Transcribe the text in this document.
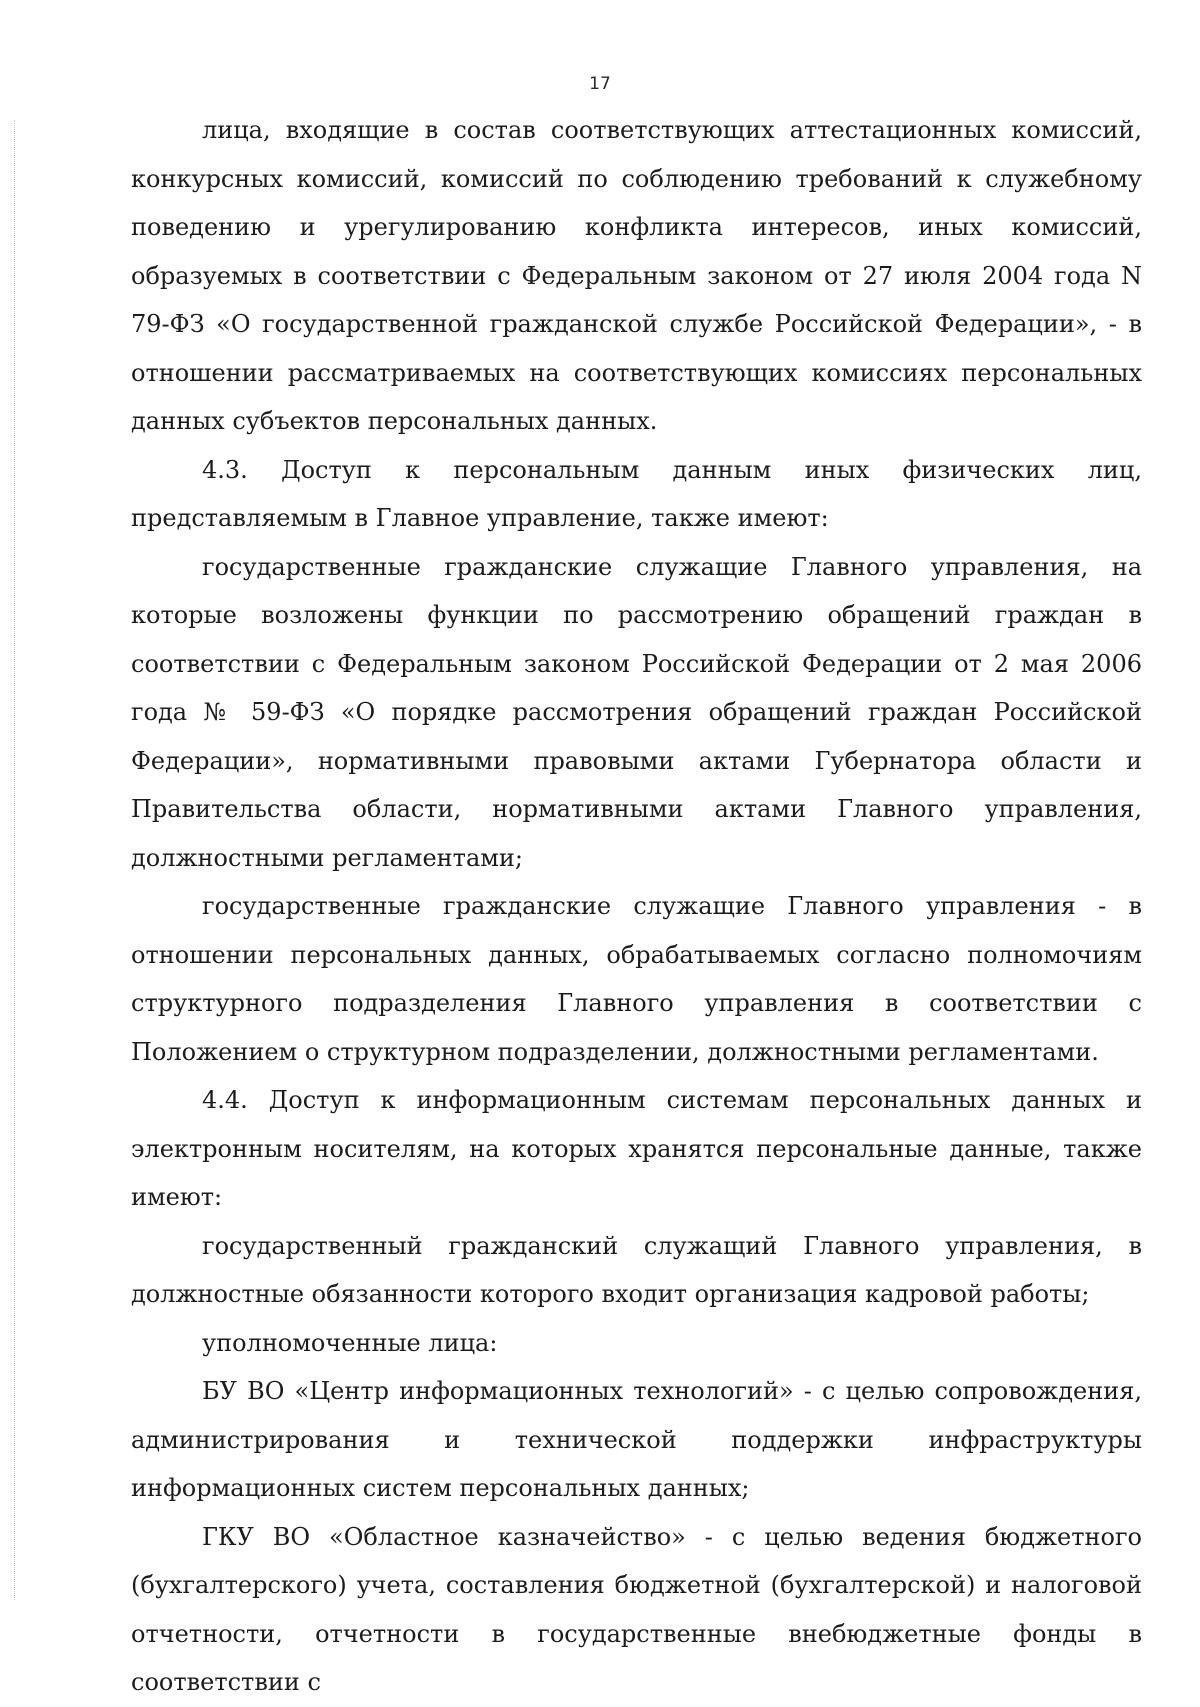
17

лица, входящие в состав соответствующих аттестационных комиссий, конкурсных комиссий, комиссий по соблюдению требований к служебному поведению и урегулированию конфликта интересов, иных комиссий, образуемых в соответствии с Федеральным законом от 27 июля 2004 года N 79-ФЗ «О государственной гражданской службе Российской Федерации», - в отношении рассматриваемых на соответствующих комиссиях персональных данных субъектов персональных данных.

4.3. Доступ к персональным данным иных физических лиц, представляемым в Главное управление, также имеют:

государственные гражданские служащие Главного управления, на которые возложены функции по рассмотрению обращений граждан в соответствии с Федеральным законом Российской Федерации от 2 мая 2006 года № 59-ФЗ «О порядке рассмотрения обращений граждан Российской Федерации», нормативными правовыми актами Губернатора области и Правительства области, нормативными актами Главного управления, должностными регламентами;

государственные гражданские служащие Главного управления - в отношении персональных данных, обрабатываемых согласно полномочиям структурного подразделения Главного управления в соответствии с Положением о структурном подразделении, должностными регламентами.

4.4. Доступ к информационным системам персональных данных и электронным носителям, на которых хранятся персональные данные, также имеют:

государственный гражданский служащий Главного управления, в должностные обязанности которого входит организация кадровой работы;

уполномоченные лица:

БУ ВО «Центр информационных технологий» - с целью сопровождения, администрирования и технической поддержки инфраструктуры информационных систем персональных данных;

ГКУ ВО «Областное казначейство» - с целью ведения бюджетного (бухгалтерского) учета, составления бюджетной (бухгалтерской) и налоговой отчетности, отчетности в государственные внебюджетные фонды в соответствии с
